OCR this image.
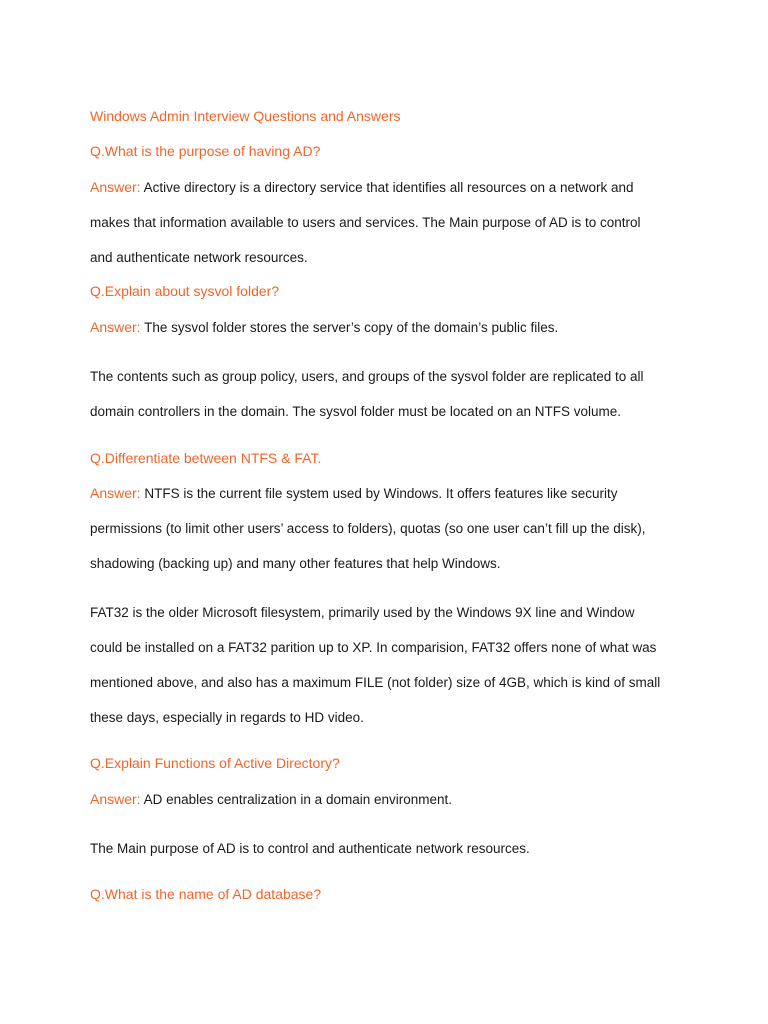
Windows Admin Interview Questions and Answers
Q.What is the purpose of having AD?
Answer: Active directory is a directory service that identifies all resources on a network and
makes that information available to users and services. The Main purpose of AD is to control
and authenticate network resources.
Q.Explain about sysvol folder?
Answer: The sysvol folder stores the server’s copy of the domain’s public files.
The contents such as group policy, users, and groups of the sysvol folder are replicated to all
domain controllers in the domain. The sysvol folder must be located on an NTFS volume.
Q.Differentiate between NTFS & FAT.
Answer: NTFS is the current file system used by Windows. It offers features like security
permissions (to limit other users’ access to folders), quotas (so one user can’t fill up the disk),
shadowing (backing up) and many other features that help Windows.
FAT32 is the older Microsoft filesystem, primarily used by the Windows 9X line and Window
could be installed on a FAT32 parition up to XP. In comparision, FAT32 offers none of what was
mentioned above, and also has a maximum FILE (not folder) size of 4GB, which is kind of small
these days, especially in regards to HD video.
Q.Explain Functions of Active Directory?
Answer: AD enables centralization in a domain environment.
The Main purpose of AD is to control and authenticate network resources.
Q.What is the name of AD database?
